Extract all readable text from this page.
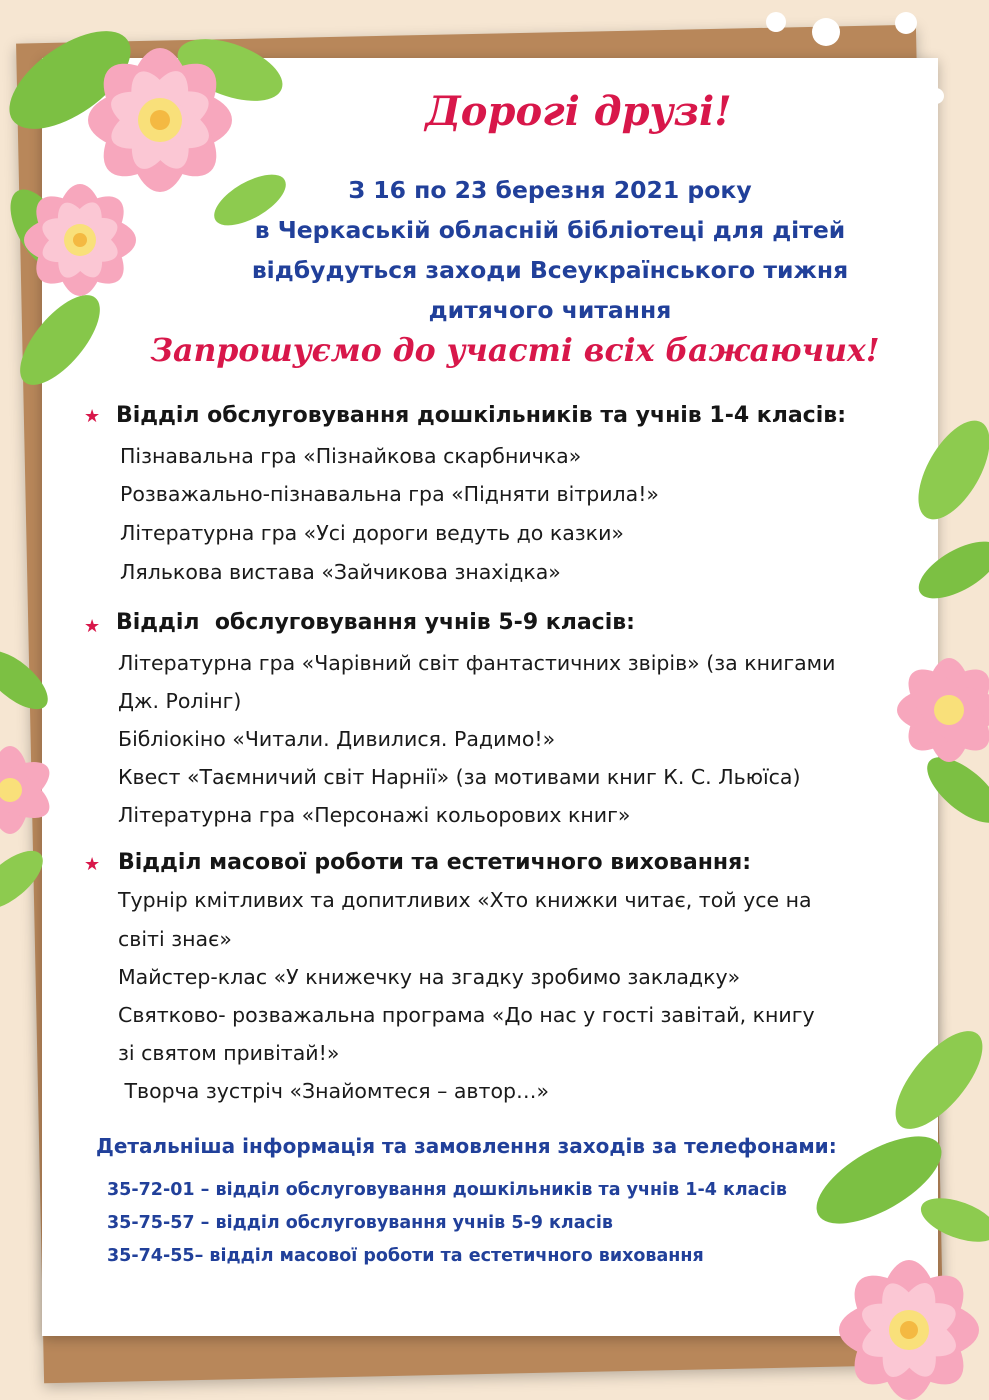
Дорогі друзі!
З 16 по 23 березня 2021 року
в Черкаській обласній бібліотеці для дітей
відбудуться заходи Всеукраїнського тижня
дитячого читання
Запрошуємо до участі всіх бажаючих!
★ Відділ обслуговування дошкільників та учнів 1-4 класів:
Пізнавальна гра «Пізнайкова скарбничка»
Розважально-пізнавальна гра «Підняти вітрила!»
Літературна гра «Усі дороги ведуть до казки»
Лялькова вистава «Зайчикова знахідка»
★ Відділ  обслуговування учнів 5-9 класів:
Літературна гра «Чарівний світ фантастичних звірів» (за книгами
Дж. Ролінг)
Бібліокіно «Читали. Дивилися. Радимо!»
Квест «Таємничий світ Нарнії» (за мотивами книг К. С. Льюїса)
Літературна гра «Персонажі кольорових книг»
★ Відділ масової роботи та естетичного виховання:
Турнір кмітливих та допитливих «Хто книжки читає, той усе на
світі знає»
Майстер-клас «У книжечку на згадку зробимо закладку»
Святково- розважальна програма «До нас у гості завітай, книгу
зі святом привітай!»
Творча зустріч «Знайомтеся – автор…»
Детальніша інформація та замовлення заходів за телефонами:
35-72-01 – відділ обслуговування дошкільників та учнів 1-4 класів
35-75-57 – відділ обслуговування учнів 5-9 класів
35-74-55– відділ масової роботи та естетичного виховання
